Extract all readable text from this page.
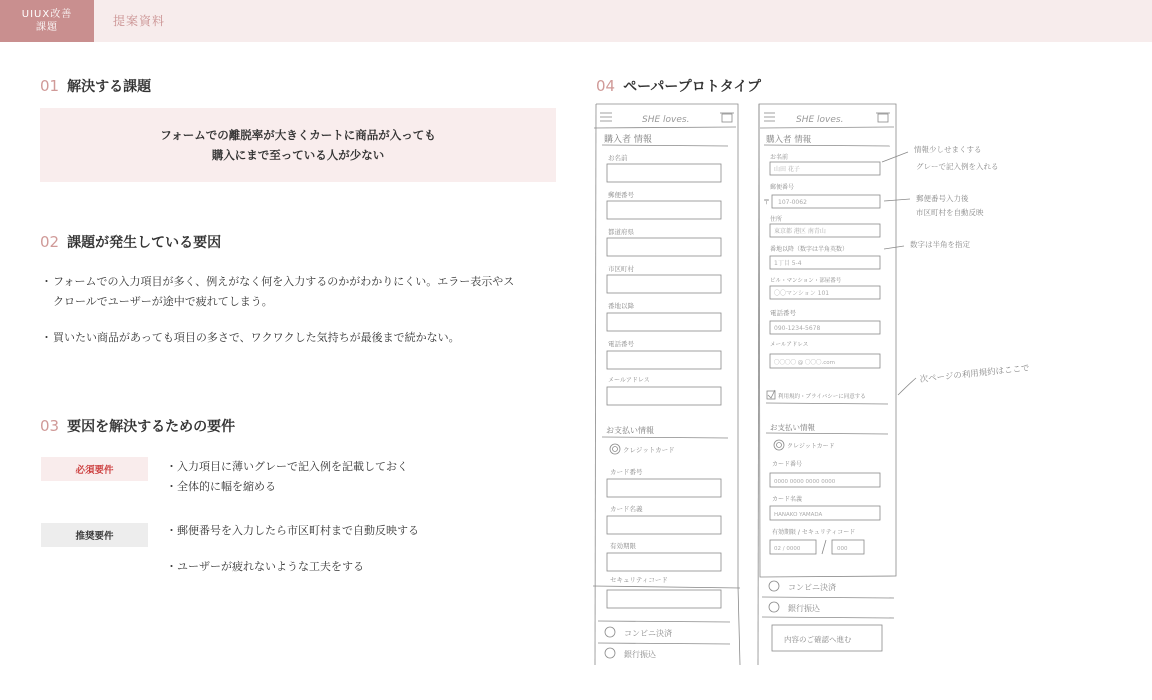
UIUX改善
課題	提案資料
01 解決する課題
フォームでの離脱率が大きくカートに商品が入っても
購入にまで至っている人が少ない
02 課題が発生している要因
・ フォームでの入力項目が多く、例えがなく何を入力するのかがわかりにくい。エラー表示やス
クロールでユーザーが途中で疲れてしまう。
・ 買いたい商品があっても項目の多さで、ワクワクした気持ちが最後まで続かない。
03 要因を解決するための要件
必須要件	・入力項目に薄いグレーで記入例を記載しておく
・全体的に幅を縮める
推奨要件	・郵便番号を入力したら市区町村まで自動反映する
・ユーザーが疲れないような工夫をする
04 ペーパープロトタイプ
SHE loves.
購入者 情報
お名前
郵便番号
都道府県
市区町村
番地以降
電話番号
メールアドレス
お支払い情報
クレジットカード
カード番号
カード名義
有効期限
セキュリティコード
コンビニ決済
銀行振込
SHE loves.
購入者 情報
お名前
山田 花子
郵便番号
〒 107-0062
住所
東京都 港区 南青山
番地以降（数字は半角英数）
1丁目 5-4
ビル・マンション・部屋番号
〇〇マンション 101
電話番号
090-1234-5678
メールアドレス
〇〇〇〇 @ 〇〇〇.com
利用規約・プライバシーに同意する
お支払い情報
クレジットカード
カード番号
0000 0000 0000 0000
カード名義
HANAKO YAMADA
有効期限 / セキュリティコード
02 / 0000	000
コンビニ決済
銀行振込
内容のご確認へ進む
情報少しせまくする
グレーで記入例を入れる
郵便番号入力後
市区町村を自動反映
数字は半角を指定
次ページの利用規約はここで
